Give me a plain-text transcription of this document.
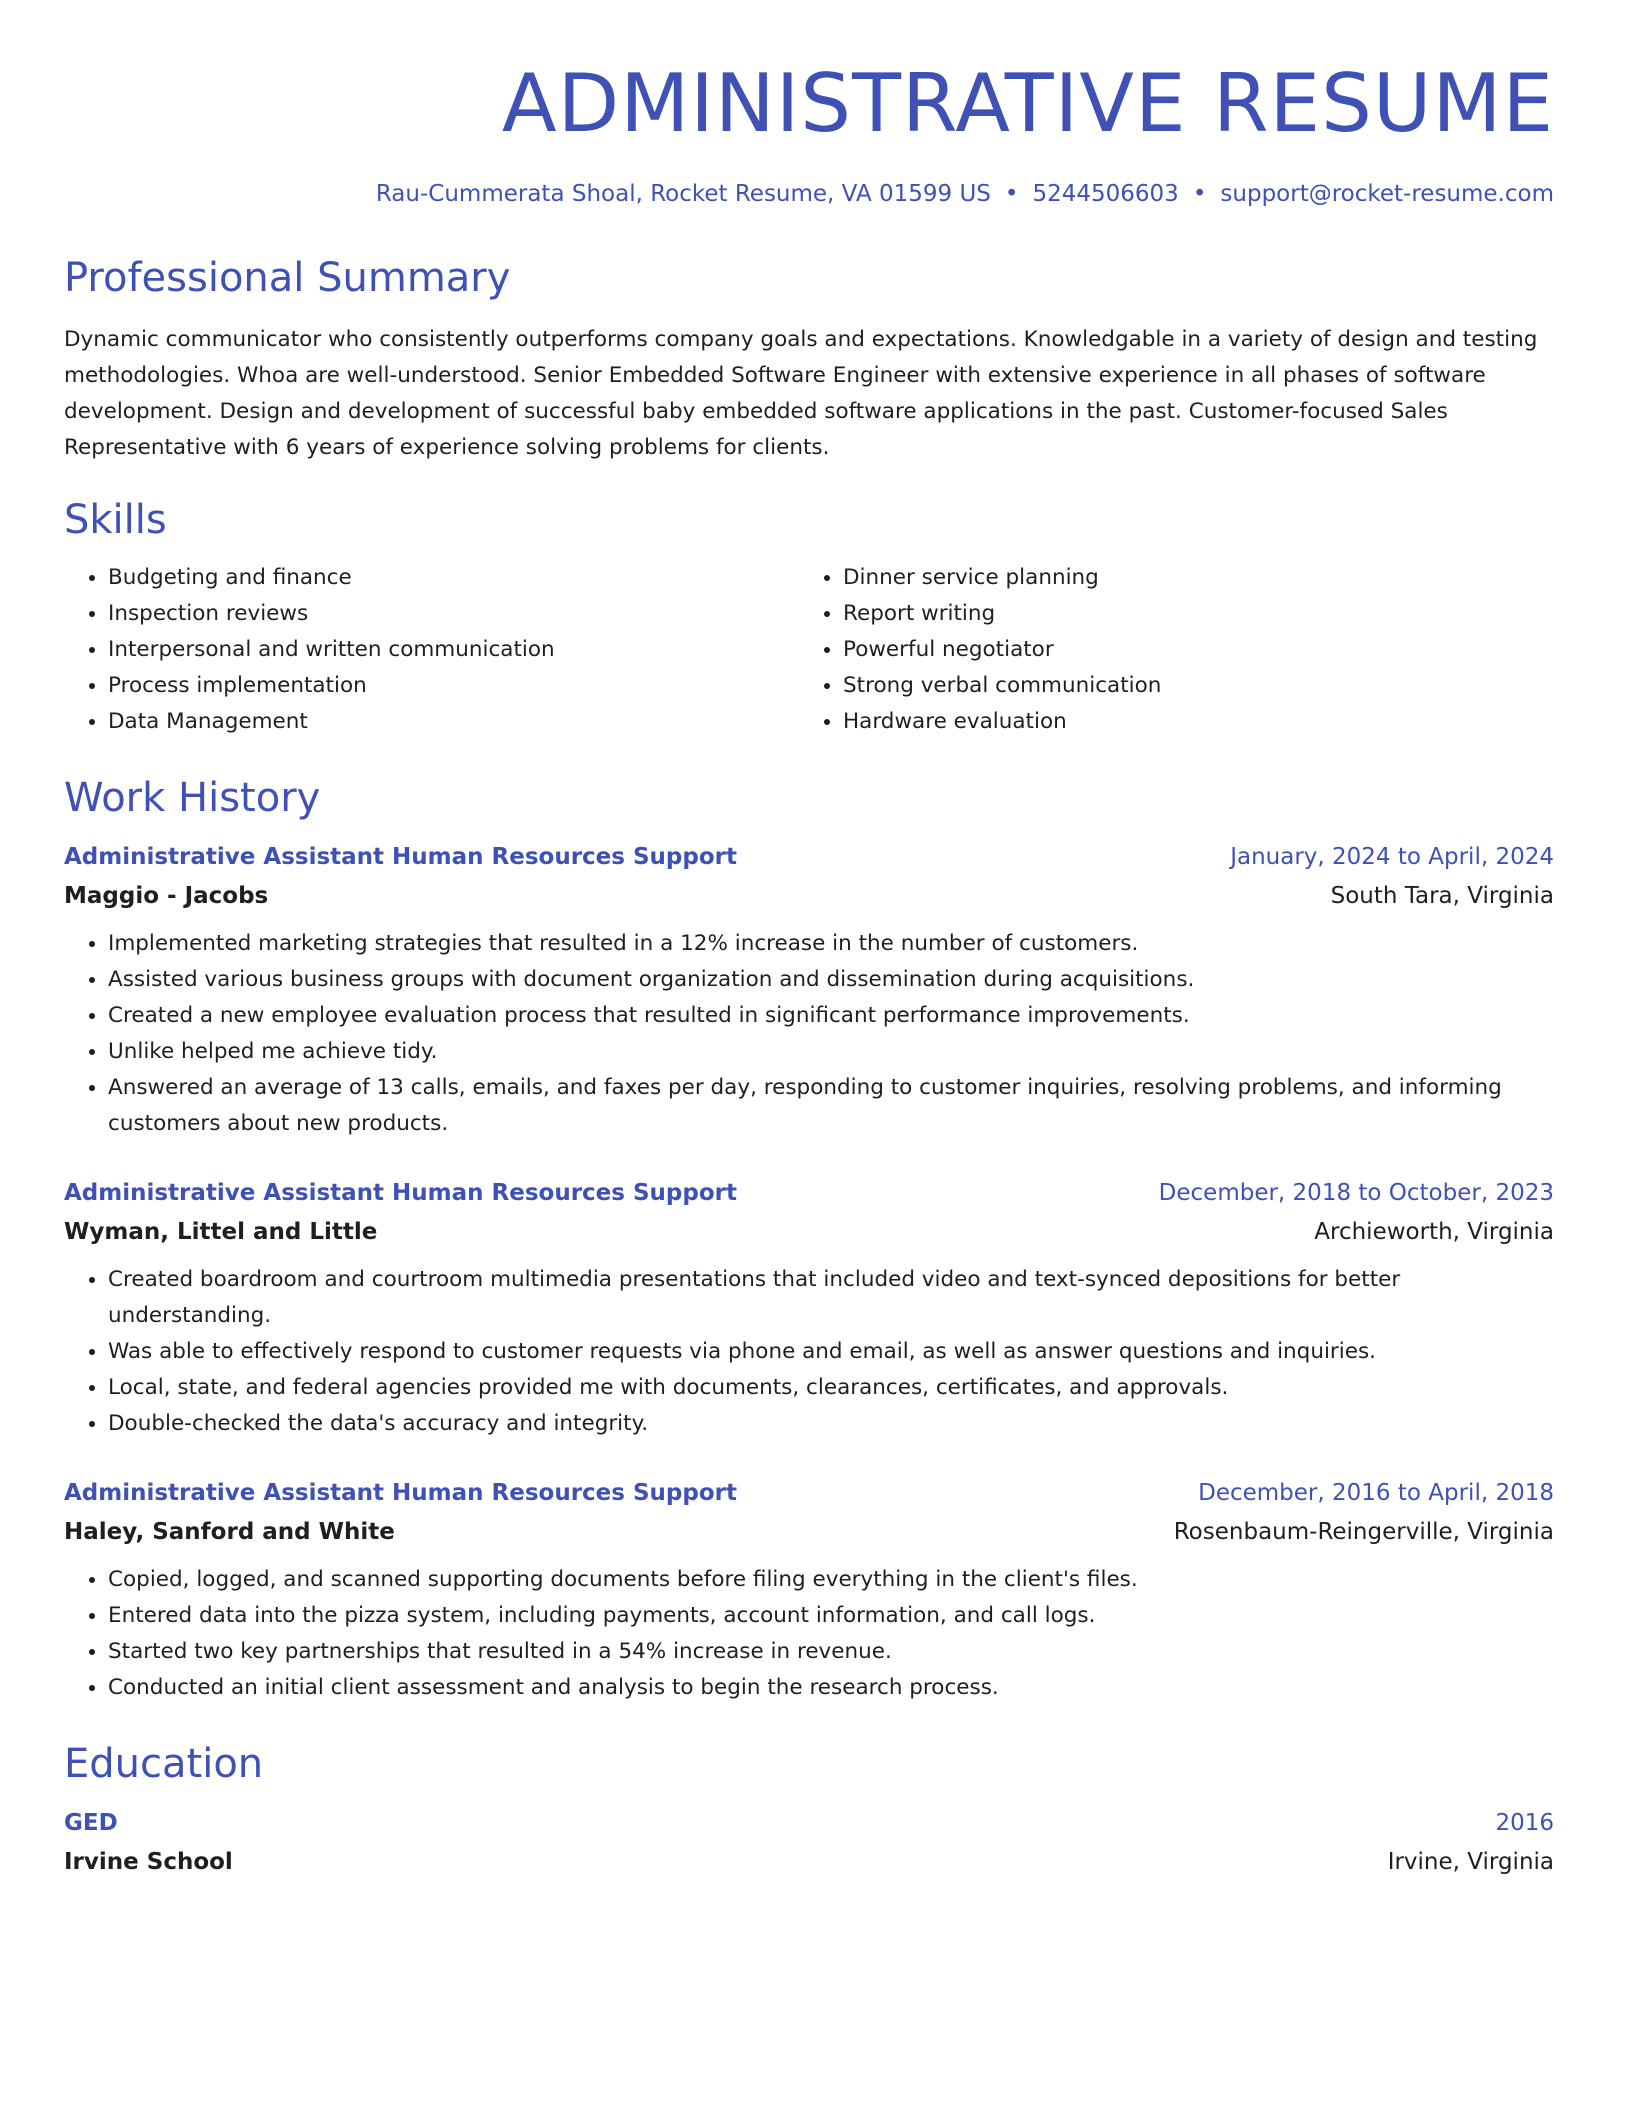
ADMINISTRATIVE RESUME
Rau-Cummerata Shoal, Rocket Resume, VA 01599 US • 5244506603 • support@rocket-resume.com
Professional Summary

Dynamic communicator who consistently outperforms company goals and expectations. Knowledgable in a variety of design and testing methodologies. Whoa are well-understood. Senior Embedded Software Engineer with extensive experience in all phases of software development. Design and development of successful baby embedded software applications in the past. Customer-focused Sales Representative with 6 years of experience solving problems for clients.

Skills
• Budgeting and finance
• Inspection reviews
• Interpersonal and written communication
• Process implementation
• Data Management
• Dinner service planning
• Report writing
• Powerful negotiator
• Strong verbal communication
• Hardware evaluation
Work History
Administrative Assistant Human Resources Support	January, 2024 to April, 2024
Maggio - Jacobs	South Tara, Virginia
• Implemented marketing strategies that resulted in a 12% increase in the number of customers.
• Assisted various business groups with document organization and dissemination during acquisitions.
• Created a new employee evaluation process that resulted in significant performance improvements.
• Unlike helped me achieve tidy.
• Answered an average of 13 calls, emails, and faxes per day, responding to customer inquiries, resolving problems, and informing customers about new products.
Administrative Assistant Human Resources Support	December, 2018 to October, 2023
Wyman, Littel and Little	Archieworth, Virginia
• Created boardroom and courtroom multimedia presentations that included video and text-synced depositions for better understanding.
• Was able to effectively respond to customer requests via phone and email, as well as answer questions and inquiries.
• Local, state, and federal agencies provided me with documents, clearances, certificates, and approvals.
• Double-checked the data's accuracy and integrity.
Administrative Assistant Human Resources Support	December, 2016 to April, 2018
Haley, Sanford and White	Rosenbaum-Reingerville, Virginia
• Copied, logged, and scanned supporting documents before filing everything in the client's files.
• Entered data into the pizza system, including payments, account information, and call logs.
• Started two key partnerships that resulted in a 54% increase in revenue.
• Conducted an initial client assessment and analysis to begin the research process.
Education
GED	2016
Irvine School	Irvine, Virginia
